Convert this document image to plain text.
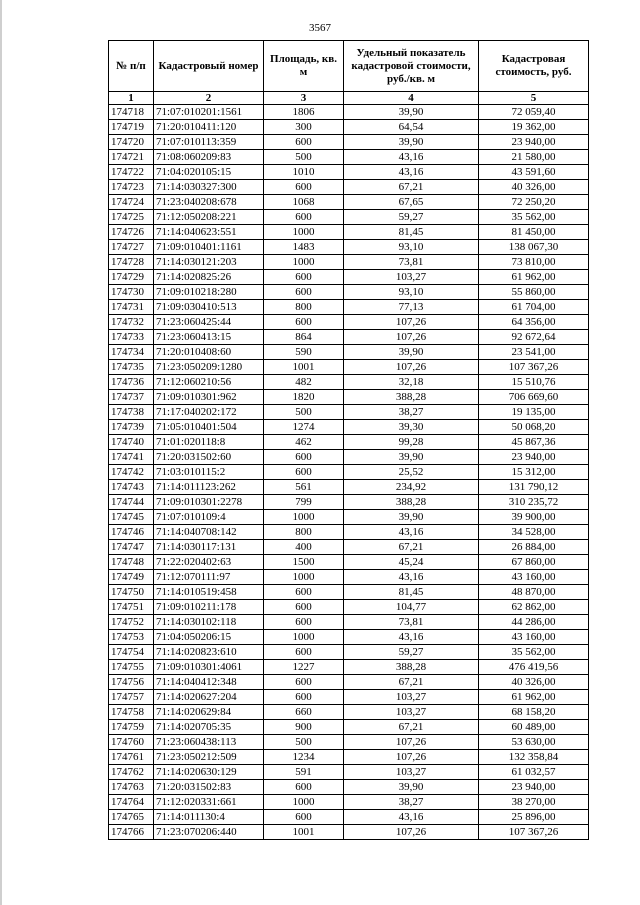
3567
№ п/п	Кадастровый номер	Площадь, кв. м	Удельный показатель кадастровой стоимости, руб./кв. м	Кадастровая стоимость, руб.
1	2	3	4	5
174718	71:07:010201:1561	1806	39,90	72 059,40
174719	71:20:010411:120	300	64,54	19 362,00
174720	71:07:010113:359	600	39,90	23 940,00
174721	71:08:060209:83	500	43,16	21 580,00
174722	71:04:020105:15	1010	43,16	43 591,60
174723	71:14:030327:300	600	67,21	40 326,00
174724	71:23:040208:678	1068	67,65	72 250,20
174725	71:12:050208:221	600	59,27	35 562,00
174726	71:14:040623:551	1000	81,45	81 450,00
174727	71:09:010401:1161	1483	93,10	138 067,30
174728	71:14:030121:203	1000	73,81	73 810,00
174729	71:14:020825:26	600	103,27	61 962,00
174730	71:09:010218:280	600	93,10	55 860,00
174731	71:09:030410:513	800	77,13	61 704,00
174732	71:23:060425:44	600	107,26	64 356,00
174733	71:23:060413:15	864	107,26	92 672,64
174734	71:20:010408:60	590	39,90	23 541,00
174735	71:23:050209:1280	1001	107,26	107 367,26
174736	71:12:060210:56	482	32,18	15 510,76
174737	71:09:010301:962	1820	388,28	706 669,60
174738	71:17:040202:172	500	38,27	19 135,00
174739	71:05:010401:504	1274	39,30	50 068,20
174740	71:01:020118:8	462	99,28	45 867,36
174741	71:20:031502:60	600	39,90	23 940,00
174742	71:03:010115:2	600	25,52	15 312,00
174743	71:14:011123:262	561	234,92	131 790,12
174744	71:09:010301:2278	799	388,28	310 235,72
174745	71:07:010109:4	1000	39,90	39 900,00
174746	71:14:040708:142	800	43,16	34 528,00
174747	71:14:030117:131	400	67,21	26 884,00
174748	71:22:020402:63	1500	45,24	67 860,00
174749	71:12:070111:97	1000	43,16	43 160,00
174750	71:14:010519:458	600	81,45	48 870,00
174751	71:09:010211:178	600	104,77	62 862,00
174752	71:14:030102:118	600	73,81	44 286,00
174753	71:04:050206:15	1000	43,16	43 160,00
174754	71:14:020823:610	600	59,27	35 562,00
174755	71:09:010301:4061	1227	388,28	476 419,56
174756	71:14:040412:348	600	67,21	40 326,00
174757	71:14:020627:204	600	103,27	61 962,00
174758	71:14:020629:84	660	103,27	68 158,20
174759	71:14:020705:35	900	67,21	60 489,00
174760	71:23:060438:113	500	107,26	53 630,00
174761	71:23:050212:509	1234	107,26	132 358,84
174762	71:14:020630:129	591	103,27	61 032,57
174763	71:20:031502:83	600	39,90	23 940,00
174764	71:12:020331:661	1000	38,27	38 270,00
174765	71:14:011130:4	600	43,16	25 896,00
174766	71:23:070206:440	1001	107,26	107 367,26
